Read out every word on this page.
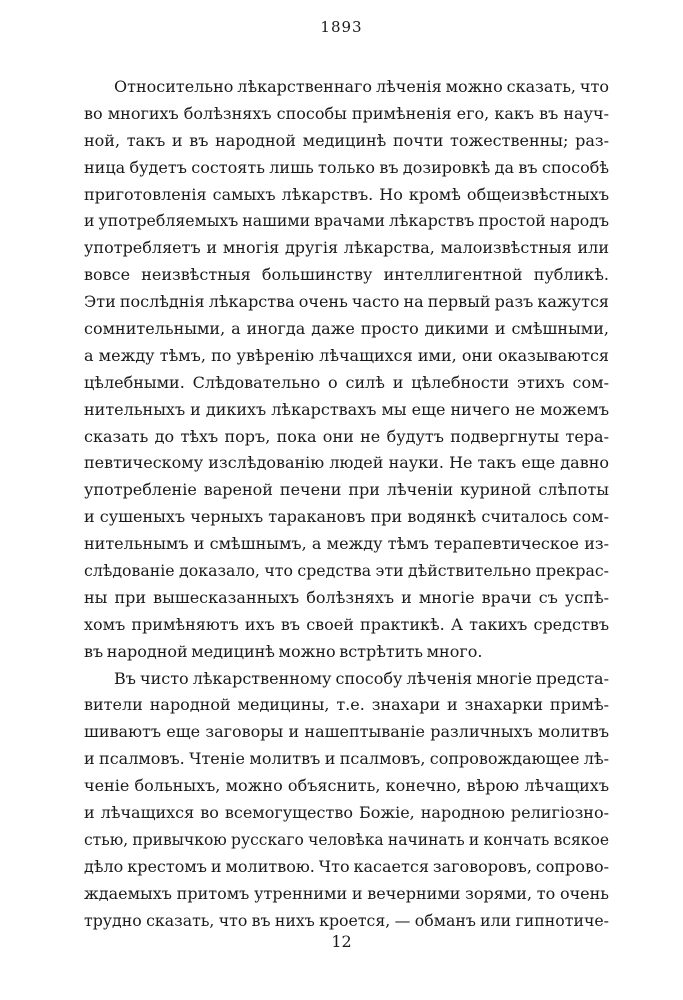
1893
Относительно лѣкарственнаго лѣченія можно сказать, что
во многихъ болѣзняхъ способы примѣненія его, какъ въ науч-
ной, такъ и въ народной медицинѣ почти тожественны; раз-
ница будетъ состоять лишь только въ дозировкѣ да въ способѣ
приготовленія самыхъ лѣкарствъ. Но кромѣ общеизвѣстныхъ
и употребляемыхъ нашими врачами лѣкарствъ простой народъ
употребляетъ и многія другія лѣкарства, малоизвѣстныя или
вовсе неизвѣстныя большинству интеллигентной публикѣ.
Эти послѣднія лѣкарства очень часто на первый разъ кажутся
сомнительными, а иногда даже просто дикими и смѣшными,
а между тѣмъ, по увѣренію лѣчащихся ими, они оказываются
цѣлебными. Слѣдовательно о силѣ и цѣлебности этихъ сом-
нительныхъ и дикихъ лѣкарствахъ мы еще ничего не можемъ
сказать до тѣхъ поръ, пока они не будутъ подвергнуты тера-
певтическому изслѣдованію людей науки. Не такъ еще давно
употребленіе вареной печени при лѣченіи куриной слѣпоты
и сушеныхъ черныхъ таракановъ при водянкѣ считалось сом-
нительнымъ и смѣшнымъ, а между тѣмъ терапевтическое из-
слѣдованіе доказало, что средства эти дѣйствительно прекрас-
ны при вышесказанныхъ болѣзняхъ и многіе врачи съ успѣ-
хомъ примѣняютъ ихъ въ своей практикѣ. А такихъ средствъ
въ народной медицинѣ можно встрѣтить много.
Въ чисто лѣкарственному способу лѣченія многіе предста-
вители народной медицины, т.е. знахари и знахарки примѣ-
шиваютъ еще заговоры и нашептываніе различныхъ молитвъ
и псалмовъ. Чтеніе молитвъ и псалмовъ, сопровождающее лѣ-
ченіе больныхъ, можно объяснить, конечно, вѣрою лѣчащихъ
и лѣчащихся во всемогущество Божіе, народною религіозно-
стью, привычкою русскаго человѣка начинать и кончать всякое
дѣло крестомъ и молитвою. Что касается заговоровъ, сопрово-
ждаемыхъ притомъ утренними и вечерними зорями, то очень
трудно сказать, что въ нихъ кроется, — обманъ или гипнотиче-
12
